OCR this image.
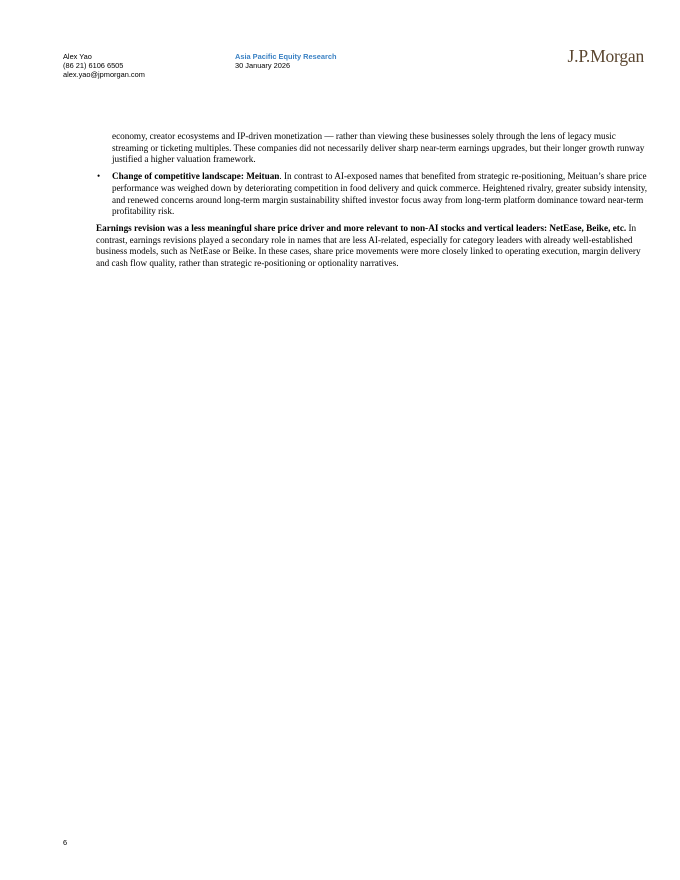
Alex Yao
(86 21) 6106 6505
alex.yao@jpmorgan.com
Asia Pacific Equity Research
30 January 2026	J.P.Morgan

economy, creator ecosystems and IP-driven monetization — rather than viewing these businesses solely through the lens of legacy music streaming or ticketing multiples. These companies did not necessarily deliver sharp near-term earnings upgrades, but their longer growth runway justified a higher valuation framework.

• Change of competitive landscape: Meituan. In contrast to AI-exposed names that benefited from strategic re-positioning, Meituan’s share price performance was weighed down by deteriorating competition in food delivery and quick commerce. Heightened rivalry, greater subsidy intensity, and renewed concerns around long-term margin sustainability shifted investor focus away from long-term platform dominance toward near-term profitability risk.

Earnings revision was a less meaningful share price driver and more relevant to non-AI stocks and vertical leaders: NetEase, Beike, etc. In contrast, earnings revisions played a secondary role in names that are less AI-related, especially for category leaders with already well-established business models, such as NetEase or Beike. In these cases, share price movements were more closely linked to operating execution, margin delivery and cash flow quality, rather than strategic re-positioning or optionality narratives.

6
